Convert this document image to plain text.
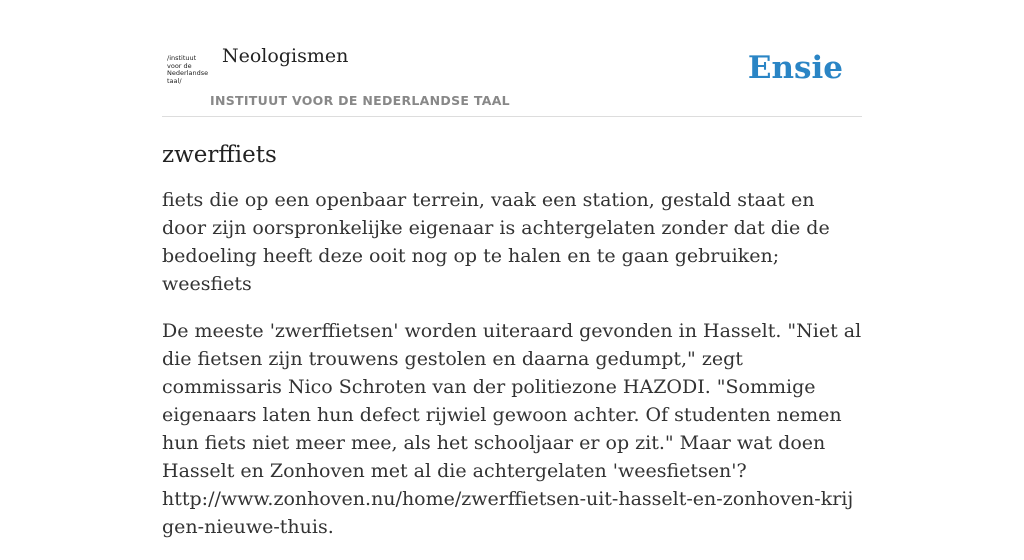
/instituut
voor de
Nederlandse
taal/
Neologismen
INSTITUUT VOOR DE NEDERLANDSE TAAL
Ensie
zwerffiets

fiets die op een openbaar terrein, vaak een station, gestald staat en door zijn oorspronkelijke eigenaar is achtergelaten zonder dat die de bedoeling heeft deze ooit nog op te halen en te gaan gebruiken; weesfiets

De meeste 'zwerffietsen' worden uiteraard gevonden in Hasselt. "Niet al die fietsen zijn trouwens gestolen en daarna gedumpt," zegt commissaris Nico Schroten van der politiezone HAZODI. "Sommige eigenaars laten hun defect rijwiel gewoon achter. Of studenten nemen hun fiets niet meer mee, als het schooljaar er op zit." Maar wat doen Hasselt en Zonhoven met al die achtergelaten 'weesfietsen'?
http://www.zonhoven.nu/home/zwerffietsen-uit-hasselt-en-zonhoven-krijgen-nieuwe-thuis.
